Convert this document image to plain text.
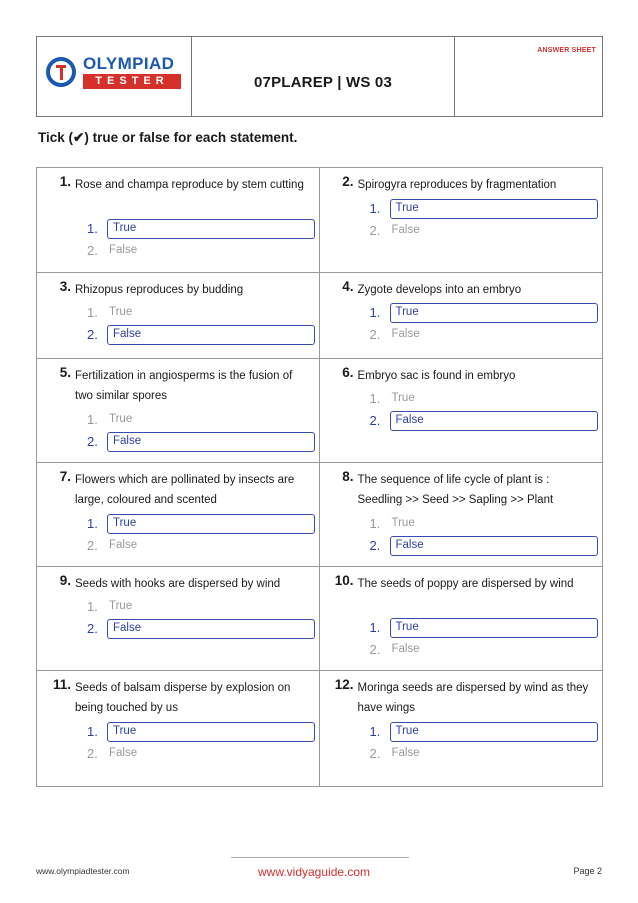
OLYMPIAD
TESTER	07PLAREP | WS 03
ANSWER SHEET
Tick (✔) true or false for each statement.
1. Rose and champa reproduce by stem cutting
1. True
2. False
2. Spirogyra reproduces by fragmentation
1. True
2. False
3. Rhizopus reproduces by budding
1. True
2. False
4. Zygote develops into an embryo
1. True
2. False
5. Fertilization in angiosperms is the fusion of two similar spores
1. True
2. False
6. Embryo sac is found in embryo
1. True
2. False
7. Flowers which are pollinated by insects are large, coloured and scented
1. True
2. False
8. The sequence of life cycle of plant is : Seedling >> Seed >> Sapling >> Plant
1. True
2. False
9. Seeds with hooks are dispersed by wind
1. True
2. False
10. The seeds of poppy are dispersed by wind
1. True
2. False
11. Seeds of balsam disperse by explosion on being touched by us
1. True
2. False
12. Moringa seeds are dispersed by wind as they have wings
1. True
2. False
www.olympiadtester.com	www.vidyaguide.com	Page 2
